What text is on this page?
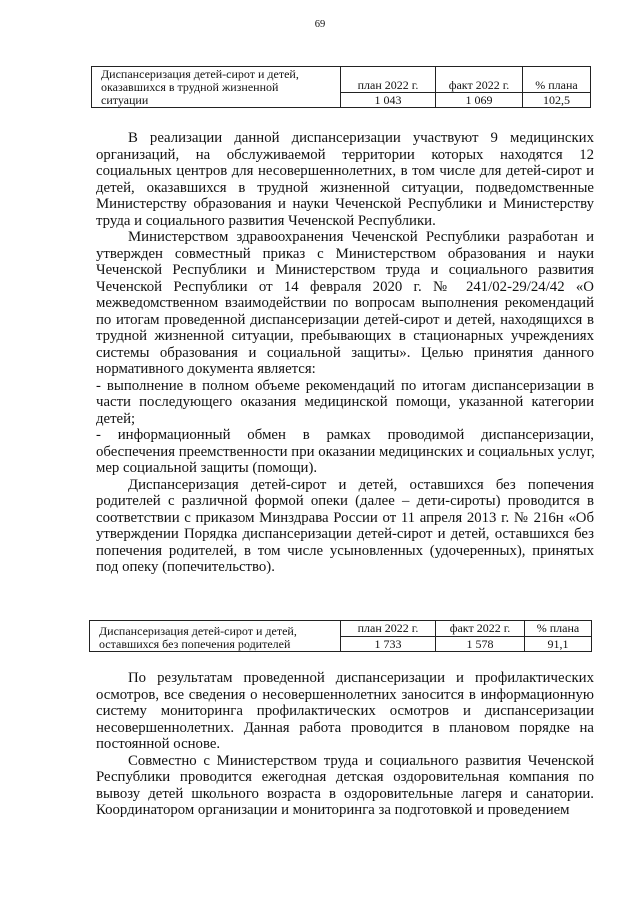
69
Диспансеризация детей-сирот и детей,
оказавшихся в трудной жизненной
ситуации	план 2022 г.	факт 2022 г.	% плана
	1 043	1 069	102,5

В реализации данной диспансеризации участвуют 9 медицинских
организаций, на обслуживаемой территории которых находятся 12
социальных центров для несовершеннолетних, в том числе для детей-сирот и
детей, оказавшихся в трудной жизненной ситуации, подведомственные
Министерству образования и науки Чеченской Республики и Министерству
труда и социального развития Чеченской Республики.

Министерством здравоохранения Чеченской Республики разработан и
утвержден совместный приказ с Министерством образования и науки
Чеченской Республики и Министерством труда и социального развития
Чеченской Республики от 14 февраля 2020 г. № 241/02-29/24/42 «О
межведомственном взаимодействии по вопросам выполнения рекомендаций
по итогам проведенной диспансеризации детей-сирот и детей, находящихся в
трудной жизненной ситуации, пребывающих в стационарных учреждениях
системы образования и социальной защиты». Целью принятия данного
нормативного документа является:

- выполнение в полном объеме рекомендаций по итогам диспансеризации в
части последующего оказания медицинской помощи, указанной категории
детей;

- информационный обмен в рамках проводимой диспансеризации,
обеспечения преемственности при оказании медицинских и социальных услуг,
мер социальной защиты (помощи).

Диспансеризация детей-сирот и детей, оставшихся без попечения
родителей с различной формой опеки (далее – дети-сироты) проводится в
соответствии с приказом Минздрава России от 11 апреля 2013 г. № 216н «Об
утверждении Порядка диспансеризации детей-сирот и детей, оставшихся без
попечения родителей, в том числе усыновленных (удочеренных), принятых
под опеку (попечительство).

Диспансеризация детей-сирот и детей,
оставшихся без попечения родителей	план 2022 г.	факт 2022 г.	% плана
	1 733	1 578	91,1

По результатам проведенной диспансеризации и профилактических
осмотров, все сведения о несовершеннолетних заносится в информационную
систему мониторинга профилактических осмотров и диспансеризации
несовершеннолетних. Данная работа проводится в плановом порядке на
постоянной основе.

Совместно с Министерством труда и социального развития Чеченской
Республики проводится ежегодная детская оздоровительная компания по
вывозу детей школьного возраста в оздоровительные лагеря и санатории.
Координатором организации и мониторинга за подготовкой и проведением
